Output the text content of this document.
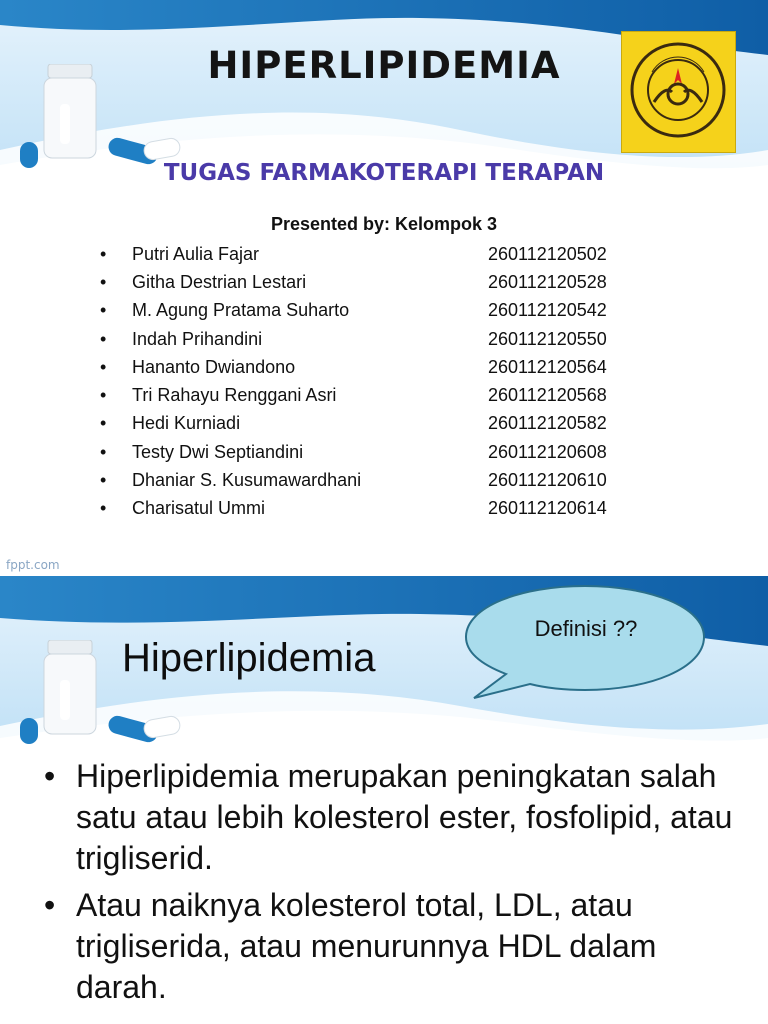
HIPERLIPIDEMIA
TUGAS FARMAKOTERAPI TERAPAN
Presented by: Kelompok 3
•	Putri Aulia Fajar	260112120502
•	Githa Destrian Lestari	260112120528
•	M. Agung Pratama Suharto	260112120542
•	Indah Prihandini	260112120550
•	Hananto Dwiandono	260112120564
•	Tri Rahayu Renggani Asri	260112120568
•	Hedi Kurniadi	260112120582
•	Testy Dwi Septiandini	260112120608
•	Dhaniar S. Kusumawardhani	260112120610
•	Charisatul Ummi	260112120614
fppt.com
Definisi ??
Hiperlipidemia
• Hiperlipidemia merupakan peningkatan salah satu atau lebih kolesterol ester, fosfolipid, atau trigliserid.
• Atau naiknya kolesterol total, LDL, atau trigliserida, atau menurunnya HDL dalam darah.
